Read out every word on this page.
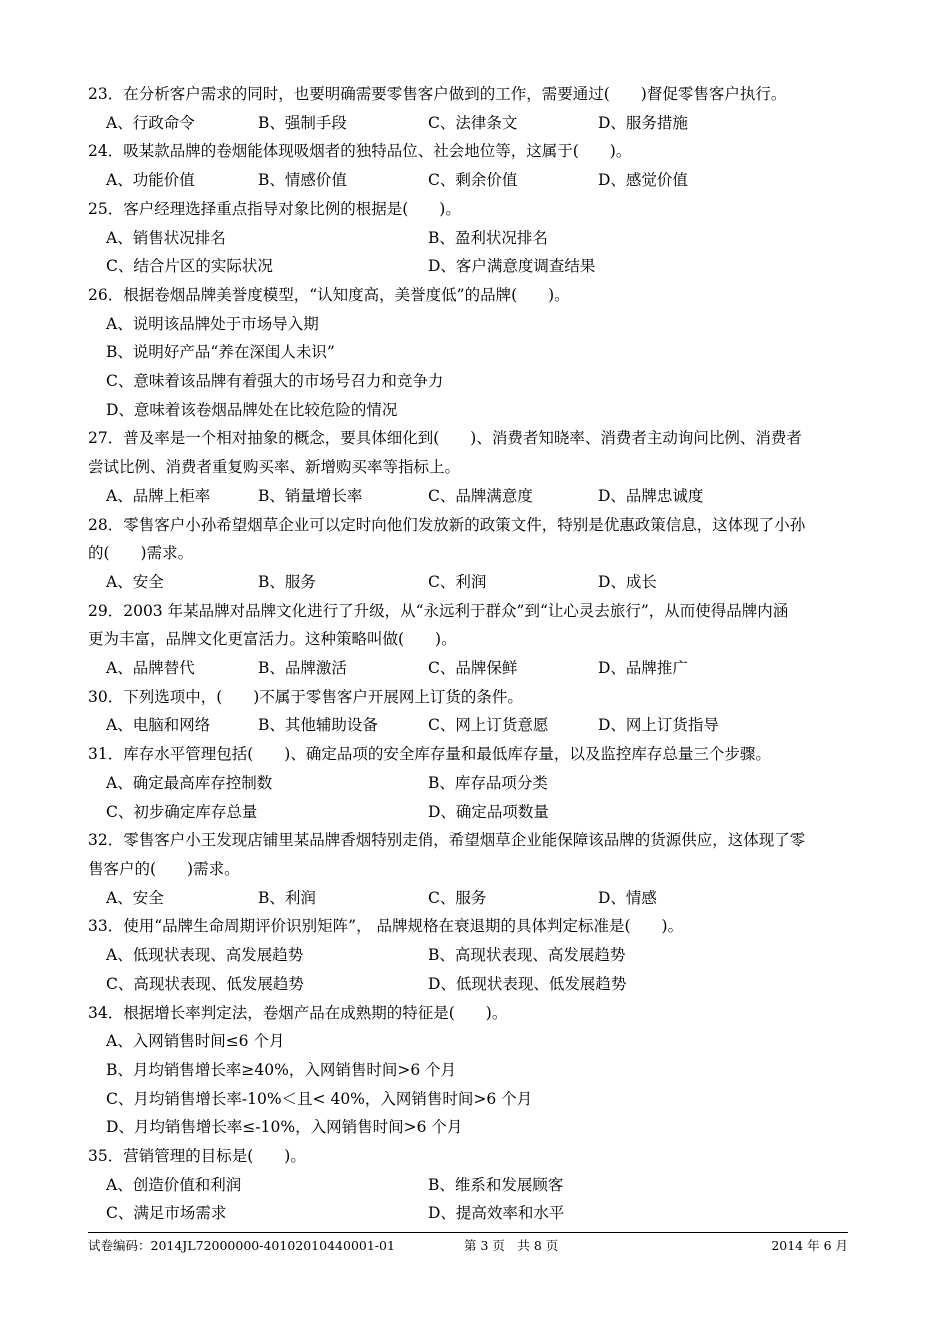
23．在分析客户需求的同时，也要明确需要零售客户做到的工作，需要通过(　　)督促零售客户执行。

A、行政命令	B、强制手段	C、法律条文	D、服务措施

24．吸某款品牌的卷烟能体现吸烟者的独特品位、社会地位等，这属于(　　)。

A、功能价值	B、情感价值	C、剩余价值	D、感觉价值

25．客户经理选择重点指导对象比例的根据是(　　)。

A、销售状况排名	B、盈利状况排名
C、结合片区的实际状况	D、客户满意度调查结果

26．根据卷烟品牌美誉度模型，“认知度高，美誉度低”的品牌(　　)。

A、说明该品牌处于市场导入期
B、说明好产品“养在深闺人未识”
C、意味着该品牌有着强大的市场号召力和竞争力
D、意味着该卷烟品牌处在比较危险的情况

27．普及率是一个相对抽象的概念，要具体细化到(　　)、消费者知晓率、消费者主动询问比例、消费者

尝试比例、消费者重复购买率、新增购买率等指标上。

A、品牌上柜率	B、销量增长率	C、品牌满意度	D、品牌忠诚度

28．零售客户小孙希望烟草企业可以定时向他们发放新的政策文件，特别是优惠政策信息，这体现了小孙

的(　　)需求。

A、安全	B、服务	C、利润	D、成长

29．2003 年某品牌对品牌文化进行了升级，从“永远利于群众”到“让心灵去旅行”，从而使得品牌内涵

更为丰富，品牌文化更富活力。这种策略叫做(　　)。

A、品牌替代	B、品牌激活	C、品牌保鲜	D、品牌推广

30．下列选项中，(　　)不属于零售客户开展网上订货的条件。

A、电脑和网络	B、其他辅助设备	C、网上订货意愿	D、网上订货指导

31．库存水平管理包括(　　)、确定品项的安全库存量和最低库存量，以及监控库存总量三个步骤。

A、确定最高库存控制数	B、库存品项分类
C、初步确定库存总量	D、确定品项数量

32．零售客户小王发现店铺里某品牌香烟特别走俏，希望烟草企业能保障该品牌的货源供应，这体现了零

售客户的(　　)需求。

A、安全	B、利润	C、服务	D、情感

33．使用“品牌生命周期评价识别矩阵”， 品牌规格在衰退期的具体判定标准是(　　)。

A、低现状表现、高发展趋势	B、高现状表现、高发展趋势
C、高现状表现、低发展趋势	D、低现状表现、低发展趋势

34．根据增长率判定法，卷烟产品在成熟期的特征是(　　)。

A、入网销售时间≤6 个月
B、月均销售增长率≥40%，入网销售时间>6 个月
C、月均销售增长率-10%＜且< 40%，入网销售时间>6 个月
D、月均销售增长率≤-10%，入网销售时间>6 个月

35．营销管理的目标是(　　)。

A、创造价值和利润	B、维系和发展顾客
C、满足市场需求	D、提高效率和水平
试卷编码：2014JL72000000-40102010440001-01	第 3 页　共 8 页	2014 年 6 月
